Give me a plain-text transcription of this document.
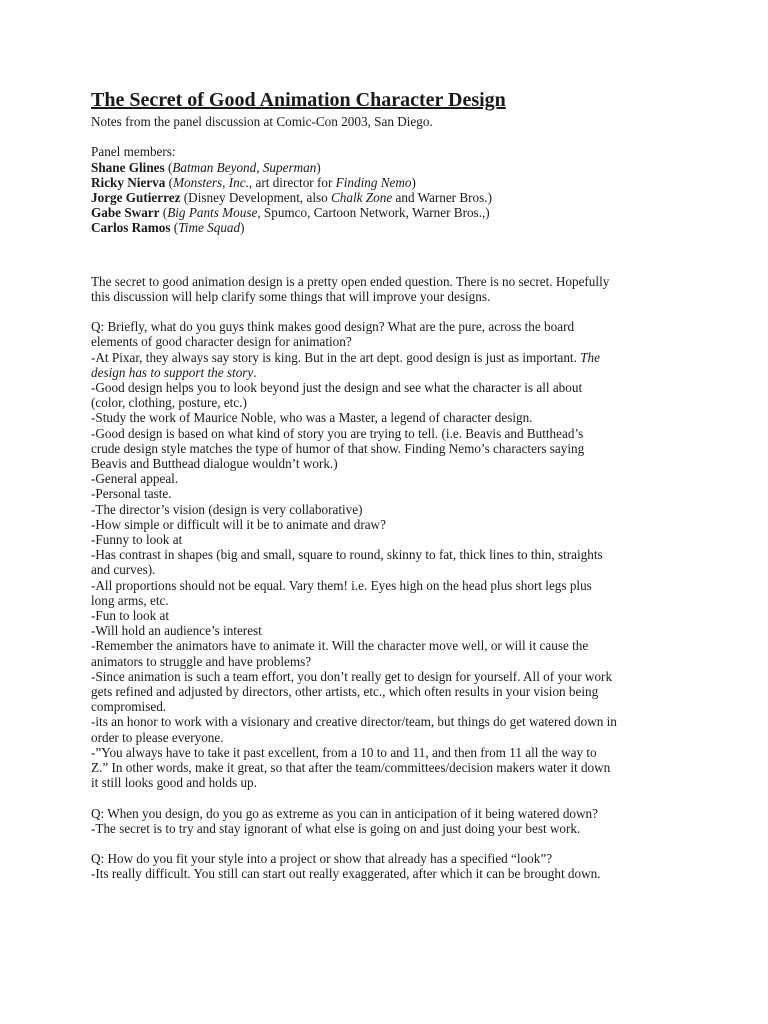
The Secret of Good Animation Character Design

Notes from the panel discussion at Comic-Con 2003, San Diego.

Panel members:

Shane Glines (Batman Beyond, Superman)

Ricky Nierva (Monsters, Inc., art director for Finding Nemo)

Jorge Gutierrez (Disney Development, also Chalk Zone and Warner Bros.)

Gabe Swarr (Big Pants Mouse, Spumco, Cartoon Network, Warner Bros.,)

Carlos Ramos (Time Squad)

The secret to good animation design is a pretty open ended question. There is no secret. Hopefully

this discussion will help clarify some things that will improve your designs.

Q: Briefly, what do you guys think makes good design? What are the pure, across the board

elements of good character design for animation?

-At Pixar, they always say story is king. But in the art dept. good design is just as important. The

design has to support the story.

-Good design helps you to look beyond just the design and see what the character is all about

(color, clothing, posture, etc.)

-Study the work of Maurice Noble, who was a Master, a legend of character design.

-Good design is based on what kind of story you are trying to tell. (i.e. Beavis and Butthead’s

crude design style matches the type of humor of that show. Finding Nemo’s characters saying

Beavis and Butthead dialogue wouldn’t work.)

-General appeal.

-Personal taste.

-The director’s vision (design is very collaborative)

-How simple or difficult will it be to animate and draw?

-Funny to look at

-Has contrast in shapes (big and small, square to round, skinny to fat, thick lines to thin, straights

and curves).

-All proportions should not be equal. Vary them! i.e. Eyes high on the head plus short legs plus

long arms, etc.

-Fun to look at

-Will hold an audience’s interest

-Remember the animators have to animate it. Will the character move well, or will it cause the

animators to struggle and have problems?

-Since animation is such a team effort, you don’t really get to design for yourself. All of your work

gets refined and adjusted by directors, other artists, etc., which often results in your vision being

compromised.

-its an honor to work with a visionary and creative director/team, but things do get watered down in

order to please everyone.

-”You always have to take it past excellent, from a 10 to and 11, and then from 11 all the way to

Z.” In other words, make it great, so that after the team/committees/decision makers water it down

it still looks good and holds up.

Q: When you design, do you go as extreme as you can in anticipation of it being watered down?

-The secret is to try and stay ignorant of what else is going on and just doing your best work.

Q: How do you fit your style into a project or show that already has a specified “look”?

-Its really difficult. You still can start out really exaggerated, after which it can be brought down.
